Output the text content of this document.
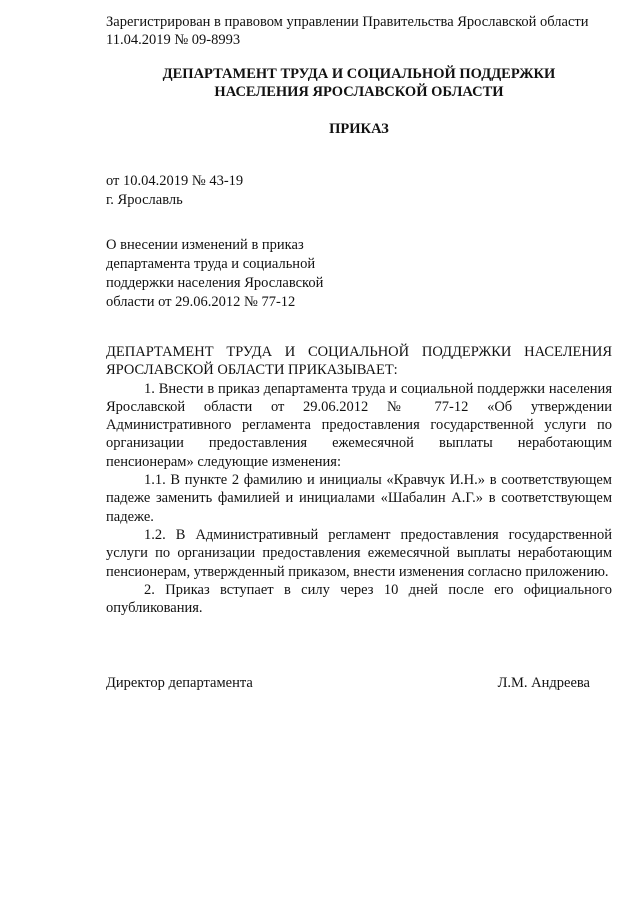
Зарегистрирован в правовом управлении Правительства Ярославской области
11.04.2019 № 09-8993
ДЕПАРТАМЕНТ ТРУДА И СОЦИАЛЬНОЙ ПОДДЕРЖКИ
НАСЕЛЕНИЯ ЯРОСЛАВСКОЙ ОБЛАСТИ
ПРИКАЗ
от 10.04.2019 № 43-19
г. Ярославль
О внесении изменений в приказ
департамента труда и социальной
поддержки населения Ярославской
области от 29.06.2012 № 77-12

ДЕПАРТАМЕНТ ТРУДА И СОЦИАЛЬНОЙ ПОДДЕРЖКИ НАСЕЛЕНИЯ ЯРОСЛАВСКОЙ ОБЛАСТИ ПРИКАЗЫВАЕТ:

1. Внести в приказ департамента труда и социальной поддержки населения Ярославской области от 29.06.2012 № 77-12 «Об утверждении Административного регламента предоставления государственной услуги по организации предоставления ежемесячной выплаты неработающим пенсионерам» следующие изменения:

1.1. В пункте 2 фамилию и инициалы «Кравчук И.Н.» в соответствующем падеже заменить фамилией и инициалами «Шабалин А.Г.» в соответствующем падеже.

1.2. В Административный регламент предоставления государственной услуги по организации предоставления ежемесячной выплаты неработающим пенсионерам, утвержденный приказом, внести изменения согласно приложению.

2. Приказ вступает в силу через 10 дней после его официального опубликования.

Директор департамента	Л.М. Андреева
